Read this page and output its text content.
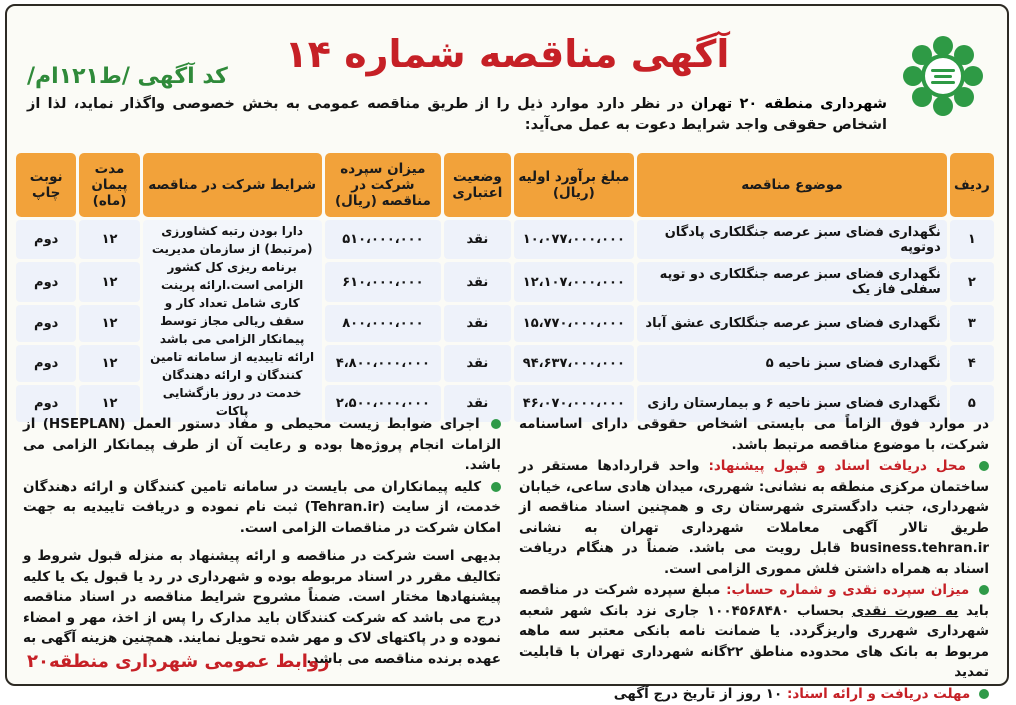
آگهی مناقصه شماره ۱۴
کد آگهی /ط۱۲۱ام/
شهرداری منطقه ۲۰ تهران در نظر دارد موارد ذیل را از طریق مناقصه عمومی به بخش خصوصی واگذار نماید، لذا از اشخاص حقوقی واجد شرایط دعوت به عمل می‌آید:
ردیف	موضوع مناقصه	مبلغ برآورد اولیه (ریال)	وضعیت اعتباری	میزان سپرده شرکت در مناقصه (ریال)	شرایط شرکت در مناقصه	مدت پیمان (ماه)	نوبت چاپ
۱	نگهداری فضای سبز عرصه جنگلکاری پادگان دوتوپه	۱۰،۰۷۷،۰۰۰،۰۰۰	نقد	۵۱۰،۰۰۰،۰۰۰	دارا بودن رتبه کشاورزی (مرتبط) از سازمان مدیریت برنامه ریزی کل کشور الزامی است.ارائه پرینت کاری شامل تعداد کار و سقف ریالی مجاز توسط پیمانکار الزامی می باشد ارائه تاییدیه از سامانه تامین کنندگان و ارائه دهندگان خدمت در روز بازگشایی پاکات	۱۲	دوم
۲	نگهداری فضای سبز عرصه جنگلکاری دو توپه سفلی فاز یک	۱۲،۱۰۷،۰۰۰،۰۰۰	نقد	۶۱۰،۰۰۰،۰۰۰		۱۲	دوم
۳	نگهداری فضای سبز عرصه جنگلکاری عشق آباد	۱۵،۷۷۰،۰۰۰،۰۰۰	نقد	۸۰۰،۰۰۰،۰۰۰		۱۲	دوم
۴	نگهداری فضای سبز ناحیه ۵	۹۴،۶۳۷،۰۰۰،۰۰۰	نقد	۴،۸۰۰،۰۰۰،۰۰۰		۱۲	دوم
۵	نگهداری فضای سبز ناحیه ۶ و بیمارستان رازی	۴۶،۰۷۰،۰۰۰،۰۰۰	نقد	۲،۵۰۰،۰۰۰،۰۰۰		۱۲	دوم

در موارد فوق الزاماً می بایستی اشخاص حقوقی دارای اساسنامه شرکت، با موضوع مناقصه مرتبط باشد.

محل دریافت اسناد و قبول پیشنهاد: واحد قراردادها مستقر در ساختمان مرکزی منطقه به نشانی: شهرری، میدان هادی ساعی، خیابان شهرداری، جنب دادگستری شهرستان ری و همچنین اسناد مناقصه از طریق تالار آگهی معاملات شهرداری تهران به نشانی business.tehran.ir قابل رویت می باشد. ضمناً در هنگام دریافت اسناد به همراه داشتن فلش مموری الزامی است.

میزان سپرده نقدی و شماره حساب: مبلغ سپرده شرکت در مناقصه باید به صورت نقدی بحساب ۱۰۰۴۵۶۸۴۸۰ جاری نزد بانک شهر شعبه شهرداری شهرری واریزگردد. یا ضمانت نامه بانکی معتبر سه ماهه مربوط به بانک های محدوده مناطق ۲۲گانه شهرداری تهران با قابلیت تمدید

مهلت دریافت و ارائه اسناد: ۱۰ روز از تاریخ درج آگهی

اجرای ضوابط زیست محیطی و مفاد دستور العمل (HSEPLAN) از الزامات انجام پروژه‌ها بوده و رعایت آن از طرف پیمانکار الزامی می باشد.

کلیه پیمانکاران می بایست در سامانه تامین کنندگان و ارائه دهندگان خدمت، از سایت (Tehran.ir) ثبت نام نموده و دریافت تاییدیه به جهت امکان شرکت در مناقصات الزامی است.

بدیهی است شرکت در مناقصه و ارائه پیشنهاد به منزله قبول شروط و تکالیف مقرر در اسناد مربوطه بوده و شهرداری در رد یا قبول یک یا کلیه پیشنهادها مختار است. ضمناً مشروح شرایط مناقصه در اسناد مناقصه درج می باشد که شرکت کنندگان باید مدارک را پس از اخذ، مهر و امضاء نموده و در پاکتهای لاک و مهر شده تحویل نمایند. همچنین هزینه آگهی به عهده برنده مناقصه می باشد.

روابط عمومی شهرداری منطقه۲۰
